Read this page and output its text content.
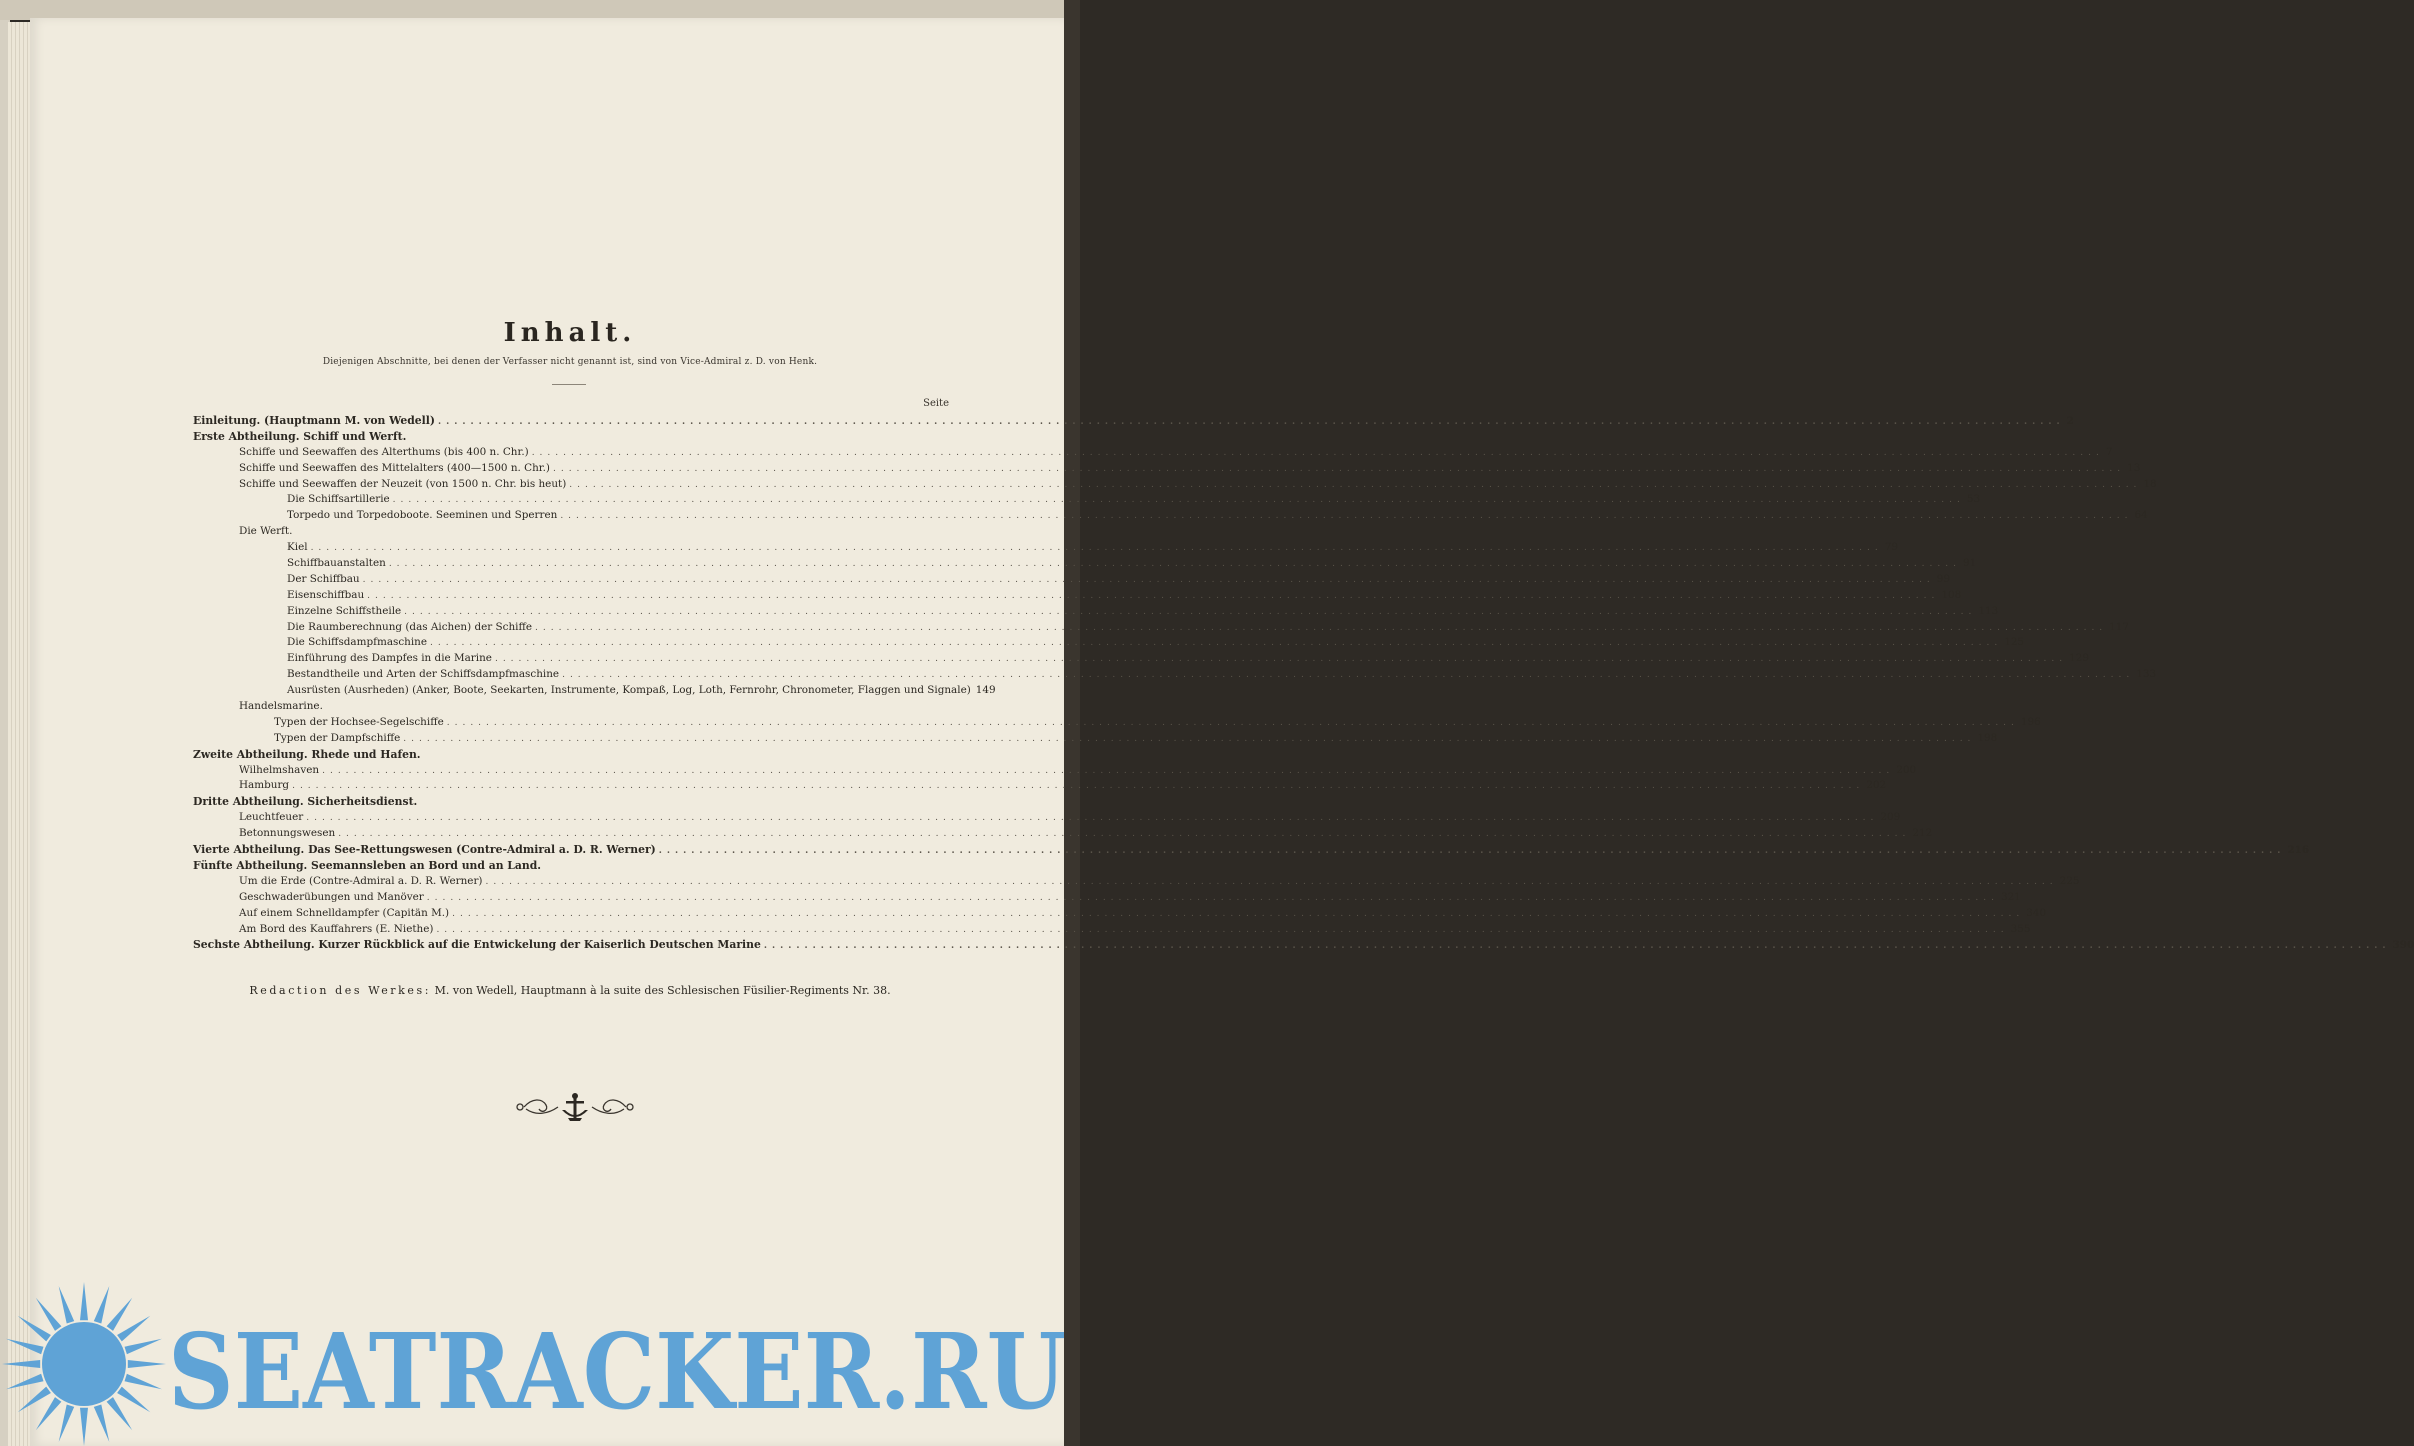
Inhalt.
Diejenigen Abschnitte, bei denen der Verfasser nicht genannt ist, sind von Vice-Admiral z. D. von Henk.
Seite
Einleitung. (Hauptmann M. von Wedell) ........................................................................................................................................................................................................ 2
Erste Abtheilung. Schiff und Werft.
Schiffe und Seewaffen des Alterthums (bis 400 n. Chr.) ........................................................................................................................................................................................................ 7
Schiffe und Seewaffen des Mittelalters (400—1500 n. Chr.) ........................................................................................................................................................................................................ 13
Schiffe und Seewaffen der Neuzeit (von 1500 n. Chr. bis heut) ........................................................................................................................................................................................................ 18
Die Schiffsartillerie ........................................................................................................................................................................................................ 53
Torpedo und Torpedoboote. Seeminen und Sperren ........................................................................................................................................................................................................ 64
Die Werft.
Kiel ........................................................................................................................................................................................................ 79
Schiffbauanstalten ........................................................................................................................................................................................................ 91
Der Schiffbau ........................................................................................................................................................................................................ 99
Eisenschiffbau ........................................................................................................................................................................................................ 108
Einzelne Schiffstheile ........................................................................................................................................................................................................ 113
Die Raumberechnung (das Aichen) der Schiffe ........................................................................................................................................................................................................ 117
Die Schiffsdampfmaschine ........................................................................................................................................................................................................ 125
Einführung des Dampfes in die Marine ........................................................................................................................................................................................................ 129
Bestandtheile und Arten der Schiffsdampfmaschine ........................................................................................................................................................................................................ 133
Ausrüsten (Ausrheden) (Anker, Boote, Seekarten, Instrumente, Kompaß, Log, Loth, Fernrohr, Chronometer, Flaggen und Signale) 149
Handelsmarine.
Typen der Hochsee-Segelschiffe ........................................................................................................................................................................................................ 196
Typen der Dampfschiffe ........................................................................................................................................................................................................ 198
Zweite Abtheilung. Rhede und Hafen.
Wilhelmshaven ........................................................................................................................................................................................................ 200
Hamburg ........................................................................................................................................................................................................ 202
Dritte Abtheilung. Sicherheitsdienst.
Leuchtfeuer ........................................................................................................................................................................................................ 209
Betonnungswesen ........................................................................................................................................................................................................ 212
Vierte Abtheilung. Das See-Rettungswesen (Contre-Admiral a. D. R. Werner) ........................................................................................................................................................................................................ 216
Fünfte Abtheilung. Seemannsleben an Bord und an Land.
Um die Erde (Contre-Admiral a. D. R. Werner) ........................................................................................................................................................................................................ 225
Geschwaderübungen und Manöver ........................................................................................................................................................................................................ 321
Auf einem Schnelldampfer (Capitän M.) ........................................................................................................................................................................................................ 340
Am Bord des Kauffahrers (E. Niethe) ........................................................................................................................................................................................................ 355
Sechste Abtheilung. Kurzer Rückblick auf die Entwickelung der Kaiserlich Deutschen Marine ........................................................................................................................................................................................................ 390
Redaction des Werkes: M. von Wedell, Hauptmann à la suite des Schlesischen Füsilier-Regiments Nr. 38.
SEATRACKER.RU
